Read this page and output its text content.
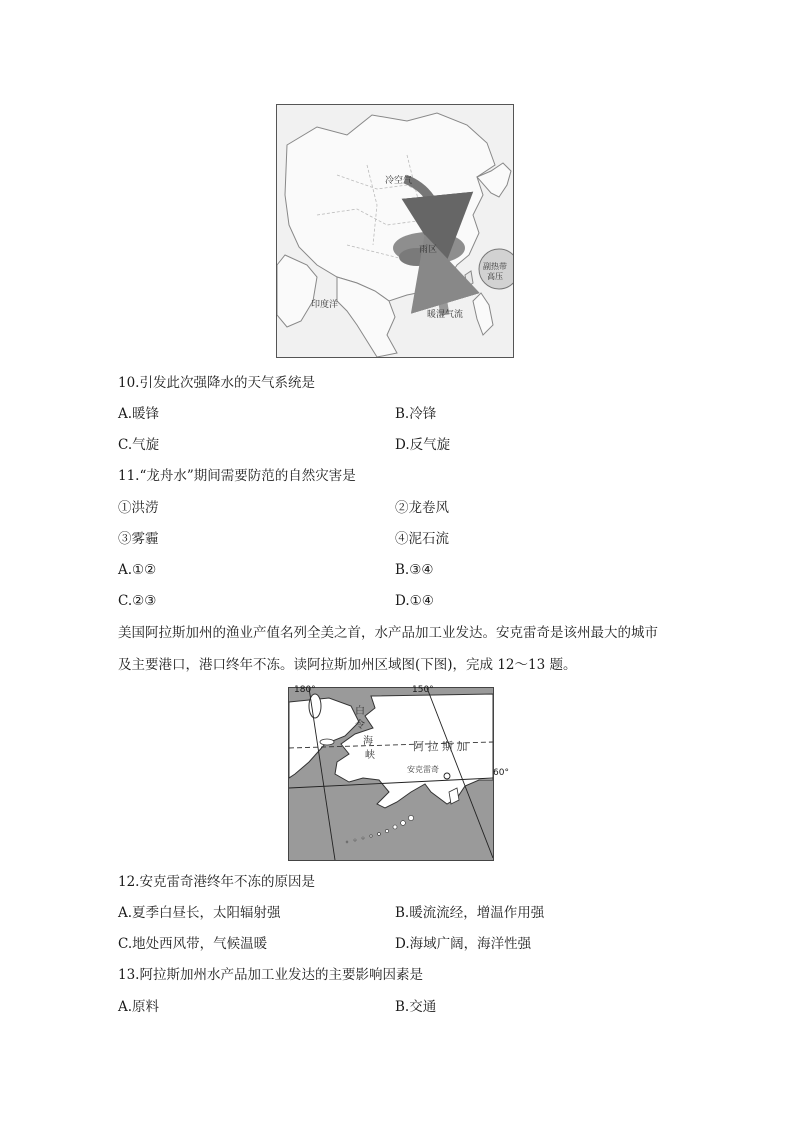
冷空气
雨区
暖湿气流
副热带
高压
印度洋
10.引发此次强降水的天气系统是
A.暖锋	B.冷锋
C.气旋	D.反气旋
11.“龙舟水”期间需要防范的自然灾害是
①洪涝	②龙卷风
③雾霾	④泥石流
A.①②	B.③④
C.②③	D.①④
美国阿拉斯加州的渔业产值名列全美之首，水产品加工业发达。安克雷奇是该州最大的城市
及主要港口，港口终年不冻。读阿拉斯加州区域图(下图)，完成 12～13 题。
白
令
海
峡
阿 拉 斯 加
安克雷奇
180°	150°
60°
12.安克雷奇港终年不冻的原因是
A.夏季白昼长，太阳辐射强	B.暖流流经，增温作用强
C.地处西风带，气候温暖	D.海域广阔，海洋性强
13.阿拉斯加州水产品加工业发达的主要影响因素是
A.原料	B.交通
